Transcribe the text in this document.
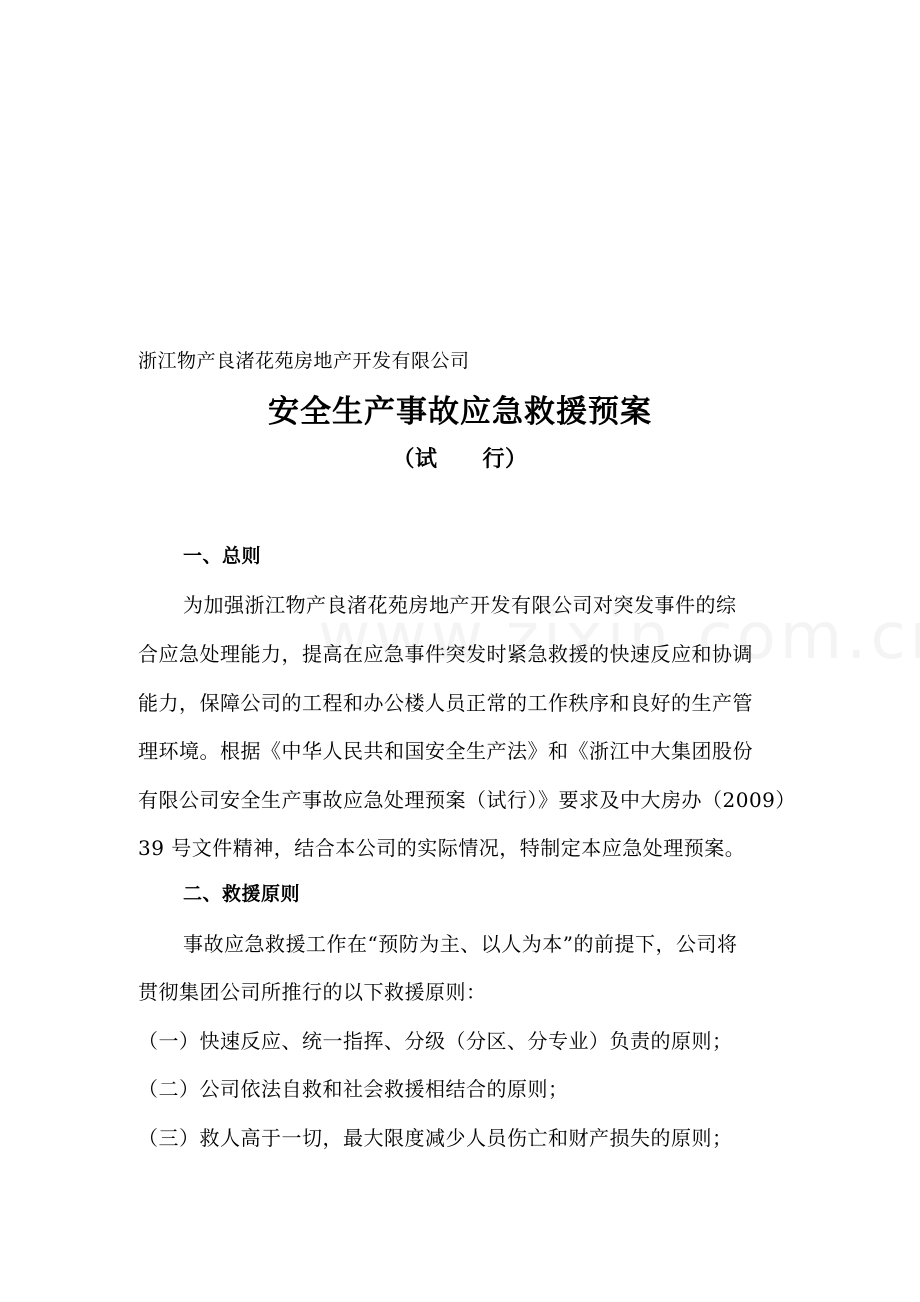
浙江物产良渚花苑房地产开发有限公司
安全生产事故应急救援预案
（试　　行）
一、总则
为加强浙江物产良渚花苑房地产开发有限公司对突发事件的综
合应急处理能力，提高在应急事件突发时紧急救援的快速反应和协调
能力，保障公司的工程和办公楼人员正常的工作秩序和良好的生产管
理环境。根据《中华人民共和国安全生产法》和《浙江中大集团股份
有限公司安全生产事故应急处理预案（试行）》要求及中大房办（2009）
39 号文件精神，结合本公司的实际情况，特制定本应急处理预案。
二、救援原则
事故应急救援工作在“预防为主、以人为本”的前提下，公司将
贯彻集团公司所推行的以下救援原则：
（一）快速反应、统一指挥、分级（分区、分专业）负责的原则；
（二）公司依法自救和社会救援相结合的原则；
（三）救人高于一切，最大限度减少人员伤亡和财产损失的原则；
